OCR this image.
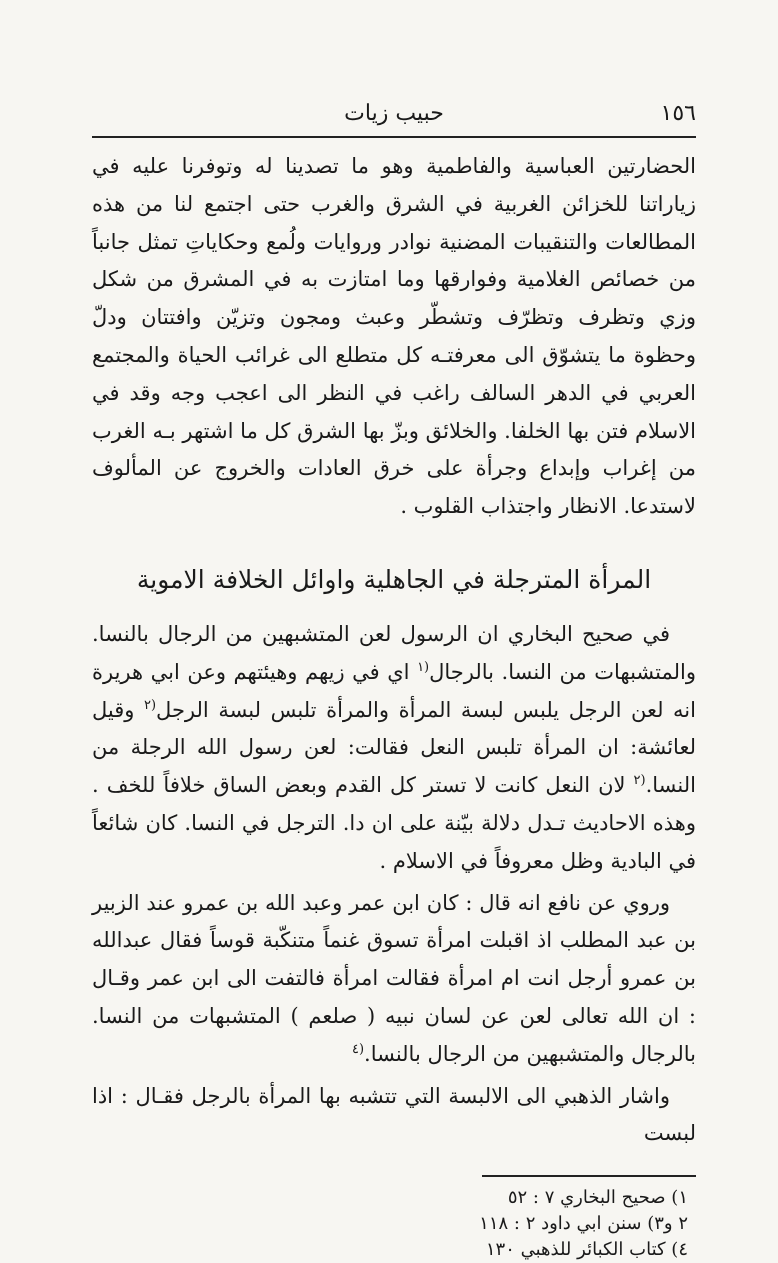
١٥٦
حبيب زيات

الحضارتين العباسية والفاطمية وهو ما تصدينا له وتوفرنا عليه في زياراتنا للخزائن الغربية في الشرق والغرب حتى اجتمع لنا من هذه المطالعات والتنقيبات المضنية نوادر وروايات ولُمع وحكاياتِ تمثل جانباً من خصائص الغلامية وفوارقها وما امتازت به في المشرق من شكل وزي وتظرف وتظرّف وتشطّر وعبث ومجون وتزيّن وافتتان ودلّ وحظوة ما يتشوّق الى معرفتـه كل متطلع الى غرائب الحياة والمجتمع العربي في الدهر السالف راغب في النظر الى اعجب وجه وقد في الاسلام فتن بها الخلفا. والخلائق وبزّ بها الشرق كل ما اشتهر بـه الغرب من إغراب وإبداع وجرأة على خرق العادات والخروج عن المألوف لاستدعا. الانظار واجتذاب القلوب .

المرأة المترجلة في الجاهلية واوائل الخلافة الاموية

في صحيح البخاري ان الرسول لعن المتشبهين من الرجال بالنسا. والمتشبهات من النسا. بالرجال$^{(١}$ اي في زيهم وهيئتهم وعن ابي هريرة انه لعن الرجل يلبس لبسة المرأة والمرأة تلبس لبسة الرجل$^{(٢}$ وقيل لعائشة: ان المرأة تلبس النعل فقالت: لعن رسول الله الرجلة من النسا.$^{(٢}$ لان النعل كانت لا تستر كل القدم وبعض الساق خلافاً للخف . وهذه الاحاديث تـدل دلالة بيّنة على ان دا. الترجل في النسا. كان شائعاً في البادية وظل معروفاً في الاسلام .

وروي عن نافع انه قال : كان ابن عمر وعبد الله بن عمرو عند الزبير بن عبد المطلب اذ اقبلت امرأة تسوق غنماً متنكّبة قوساً فقال عبدالله بن عمرو أرجل انت ام امرأة فقالت امرأة فالتفت الى ابن عمر وقـال : ان الله تعالى لعن عن لسان نبيه ( صلعم ) المتشبهات من النسا. بالرجال والمتشبهين من الرجال بالنسا.$^{(٤}$

واشار الذهبي الى الالبسة التي تتشبه بها المرأة بالرجل فقـال : اذا لبست

١) صحيح البخاري ٧ : ٥٢
٢ و٣) سنن ابي داود ٢ : ١١٨
٤) كتاب الكبائر للذهبي ١٣٠
